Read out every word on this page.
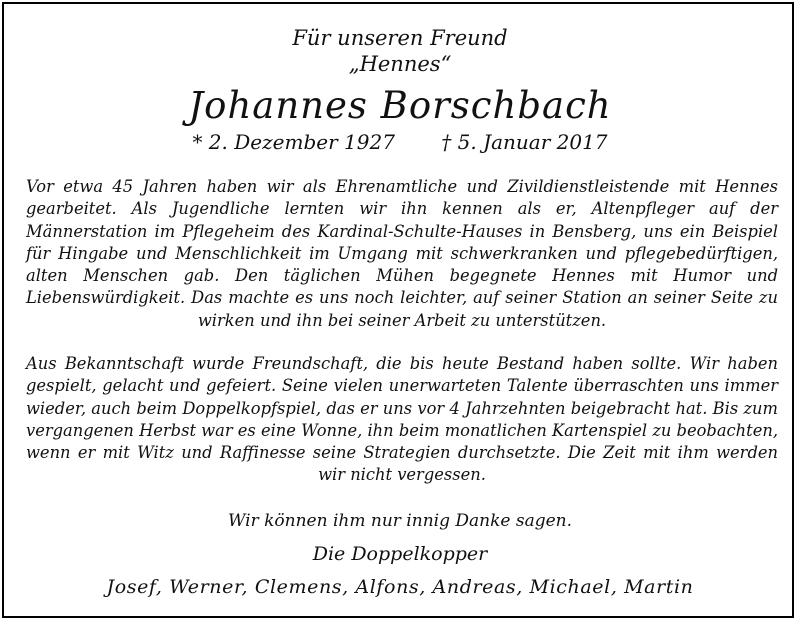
Für unseren Freund
„Hennes“
Johannes Borschbach
* 2. Dezember 1927 † 5. Januar 2017
Vor etwa 45 Jahren haben wir als Ehrenamtliche und Zivildienstleistende mit Hennes gearbeitet. Als Jugendliche lernten wir ihn kennen als er, Altenpfleger auf der Männerstation im Pflegeheim des Kardinal-Schulte-Hauses in Bensberg, uns ein Beispiel für Hingabe und Menschlichkeit im Umgang mit schwerkranken und pflegebedürftigen, alten Menschen gab. Den täglichen Mühen begegnete Hennes mit Humor und Liebenswürdigkeit. Das machte es uns noch leichter, auf seiner Station an seiner Seite zu wirken und ihn bei seiner Arbeit zu unterstützen.
Aus Bekanntschaft wurde Freundschaft, die bis heute Bestand haben sollte. Wir haben gespielt, gelacht und gefeiert. Seine vielen unerwarteten Talente überraschten uns immer wieder, auch beim Doppelkopfspiel, das er uns vor 4 Jahrzehnten beigebracht hat. Bis zum vergangenen Herbst war es eine Wonne, ihn beim monatlichen Kartenspiel zu beobachten, wenn er mit Witz und Raffinesse seine Strategien durchsetzte. Die Zeit mit ihm werden wir nicht vergessen.
Wir können ihm nur innig Danke sagen.
Die Doppelkopper
Josef, Werner, Clemens, Alfons, Andreas, Michael, Martin
